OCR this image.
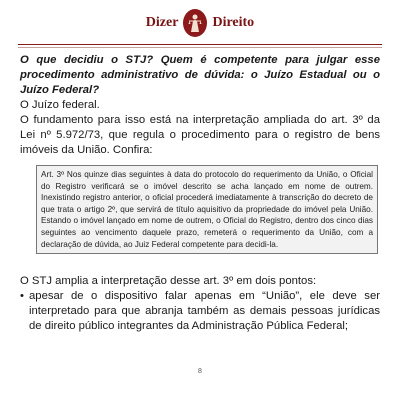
Dizer Direito

O que decidiu o STJ? Quem é competente para julgar esse procedimento administrativo de dúvida: o Juízo Estadual ou o Juízo Federal?

O Juízo federal.

O fundamento para isso está na interpretação ampliada do art. 3º da Lei nº 5.972/73, que regula o procedimento para o registro de bens imóveis da União. Confira:

Art. 3º Nos quinze dias seguintes à data do protocolo do requerimento da União, o Oficial do Registro verificará se o imóvel descrito se acha lançado em nome de outrem. Inexistindo registro anterior, o oficial procederá imediatamente à transcrição do decreto de que trata o artigo 2º, que servirá de título aquisitivo da propriedade do imóvel pela União. Estando o imóvel lançado em nome de outrem, o Oficial do Registro, dentro dos cinco dias seguintes ao vencimento daquele prazo, remeterá o requerimento da União, com a declaração de dúvida, ao Juiz Federal competente para decidi-la.

O STJ amplia a interpretação desse art. 3º em dois pontos:

• apesar de o dispositivo falar apenas em “União”, ele deve ser interpretado para que abranja também as demais pessoas jurídicas de direito público integrantes da Administração Pública Federal;
8
